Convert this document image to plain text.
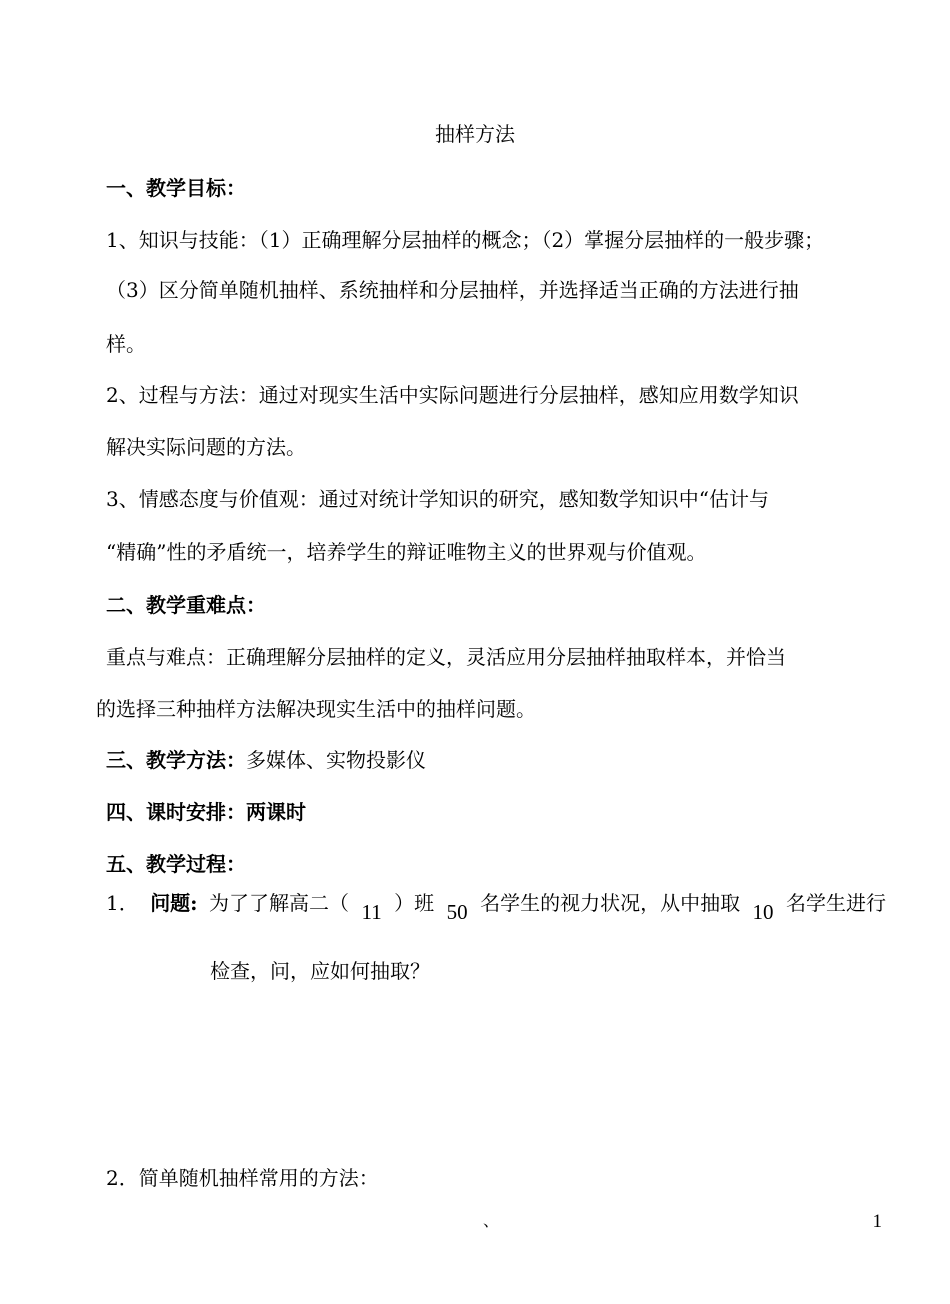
抽样方法
一、教学目标：
1、知识与技能：（1）正确理解分层抽样的概念；（2）掌握分层抽样的一般步骤；
（3）区分简单随机抽样、系统抽样和分层抽样，并选择适当正确的方法进行抽
样。
2、过程与方法：通过对现实生活中实际问题进行分层抽样，感知应用数学知识
解决实际问题的方法。
3、情感态度与价值观：通过对统计学知识的研究，感知数学知识中“估计与
“精确”性的矛盾统一，培养学生的辩证唯物主义的世界观与价值观。
二、教学重难点：
重点与难点：正确理解分层抽样的定义，灵活应用分层抽样抽取样本，并恰当
的选择三种抽样方法解决现实生活中的抽样问题。
三、教学方法：多媒体、实物投影仪
四、课时安排：两课时
五、教学过程：
1． 问题: 为了了解高二（ 11 ）班 50 名学生的视力状况，从中抽取 10 名学生进行
检查，问，应如何抽取？
2．简单随机抽样常用的方法：
、	1
